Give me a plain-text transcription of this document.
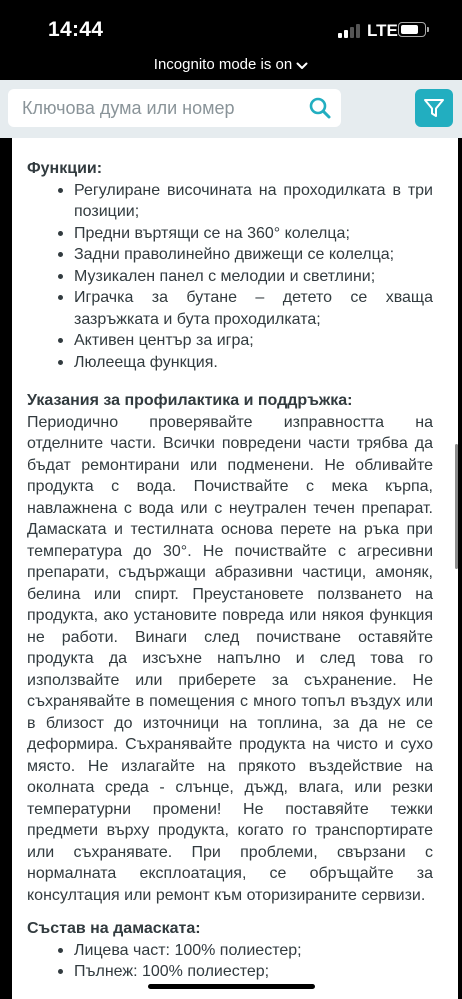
14:44	LTE
Incognito mode is on
Ключова дума или номер

Функции:
Регулиране височината на проходилката в три позиции;
Предни въртящи се на 360° колелца;
Задни праволинейно движещи се колелца;
Музикален панел с мелодии и светлини;
Играчка за бутане – детето се хваща зазръжката и бута проходилката;
Активен център за игра;
Люлееща функция.
Указания за профилактика и поддръжка:
Периодично проверявайте изправността на отделните части. Всички повредени части трябва да бъдат ремонтирани или подменени. Не обливайте продукта с вода. Почиствайте с мека кърпа, навлажнена с вода или с неутрален течен препарат. Дамаската и тестилната основа перете на ръка при температура до 30°. Не почиствайте с агресивни препарати, съдържащи абразивни частици, амоняк, белина или спирт. Преустановете ползването на продукта, ако установите повреда или някоя функция не работи. Винаги след почистване оставяйте продукта да изсъхне напълно и след това го използвайте или приберете за съхранение. Не съхранявайте в помещения с много топъл въздух или в близост до източници на топлина, за да не се деформира. Съхранявайте продукта на чисто и сухо място. Не излагайте на прякото въздействие на околната среда - слънце, дъжд, влага, или резки температурни промени! Не поставяйте тежки предмети върху продукта, когато го транспортирате или съхранявате. При проблеми, свързани с нормалната експлоатация, се обръщайте за консултация или ремонт към оторизираните сервизи.
Състав на дамаската:
Лицева част: 100% полиестер;
Пълнеж: 100% полиестер;
